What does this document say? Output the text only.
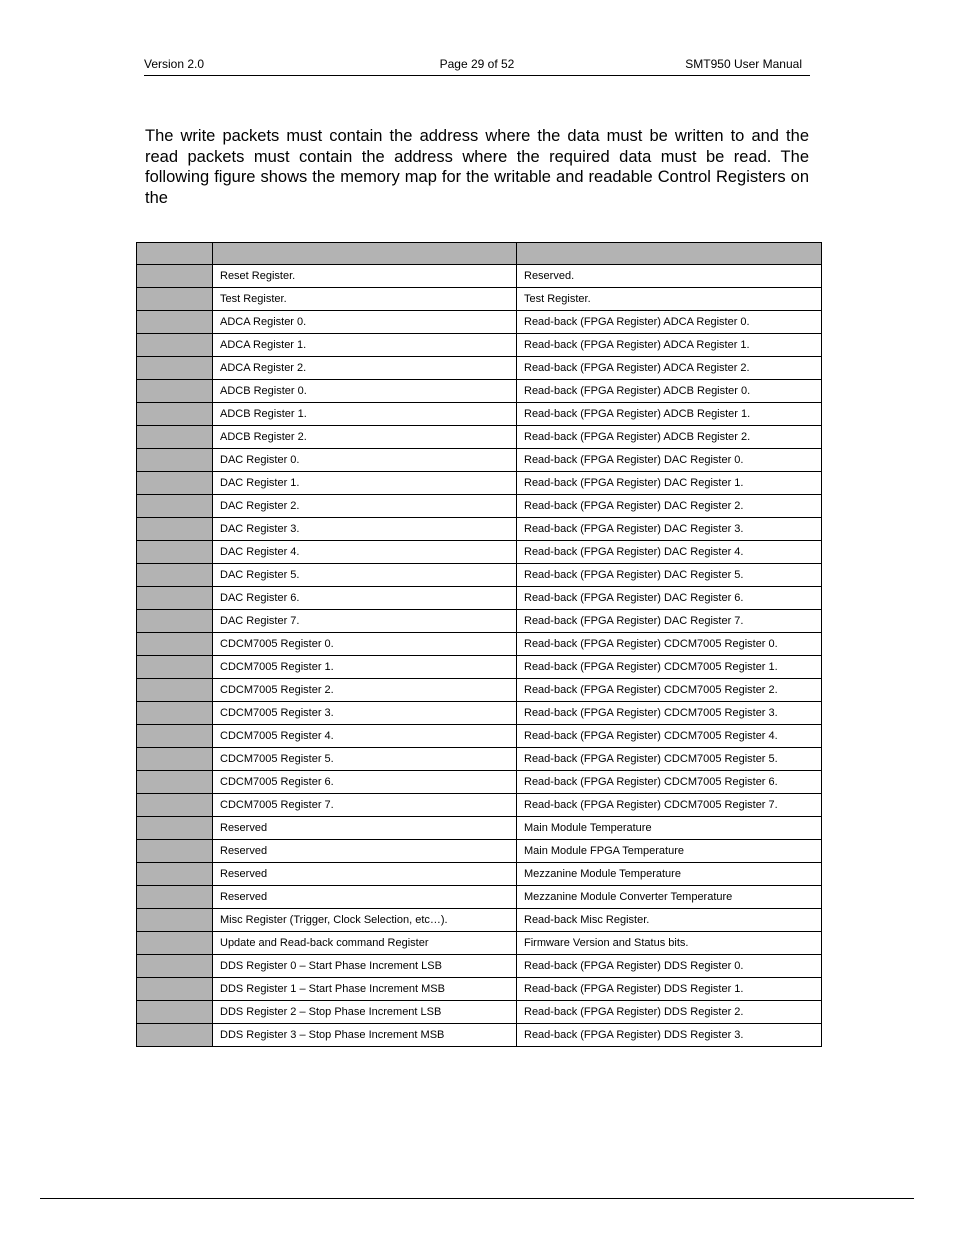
Version 2.0	Page 29 of 52	SMT950 User Manual

The write packets must contain the address where the data must be written to and the read packets must contain the address where the required data must be read. The following figure shows the memory map for the writable and readable Control Registers on the

	Reset Register.	Reserved.
	Test Register.	Test Register.
	ADCA Register 0.	Read-back (FPGA Register) ADCA Register 0.
	ADCA Register 1.	Read-back (FPGA Register) ADCA Register 1.
	ADCA Register 2.	Read-back (FPGA Register) ADCA Register 2.
	ADCB Register 0.	Read-back (FPGA Register) ADCB Register 0.
	ADCB Register 1.	Read-back (FPGA Register) ADCB Register 1.
	ADCB Register 2.	Read-back (FPGA Register) ADCB Register 2.
	DAC Register 0.	Read-back (FPGA Register) DAC Register 0.
	DAC Register 1.	Read-back (FPGA Register) DAC Register 1.
	DAC Register 2.	Read-back (FPGA Register) DAC Register 2.
	DAC Register 3.	Read-back (FPGA Register) DAC Register 3.
	DAC Register 4.	Read-back (FPGA Register) DAC Register 4.
	DAC Register 5.	Read-back (FPGA Register) DAC Register 5.
	DAC Register 6.	Read-back (FPGA Register) DAC Register 6.
	DAC Register 7.	Read-back (FPGA Register) DAC Register 7.
	CDCM7005 Register 0.	Read-back (FPGA Register) CDCM7005 Register 0.
	CDCM7005 Register 1.	Read-back (FPGA Register) CDCM7005 Register 1.
	CDCM7005 Register 2.	Read-back (FPGA Register) CDCM7005 Register 2.
	CDCM7005 Register 3.	Read-back (FPGA Register) CDCM7005 Register 3.
	CDCM7005 Register 4.	Read-back (FPGA Register) CDCM7005 Register 4.
	CDCM7005 Register 5.	Read-back (FPGA Register) CDCM7005 Register 5.
	CDCM7005 Register 6.	Read-back (FPGA Register) CDCM7005 Register 6.
	CDCM7005 Register 7.	Read-back (FPGA Register) CDCM7005 Register 7.
	Reserved	Main Module Temperature
	Reserved	Main Module FPGA Temperature
	Reserved	Mezzanine Module Temperature
	Reserved	Mezzanine Module Converter Temperature
	Misc Register (Trigger, Clock Selection, etc…).	Read-back Misc Register.
	Update and Read-back command Register	Firmware Version and Status bits.
	DDS Register 0 – Start Phase Increment LSB	Read-back (FPGA Register) DDS Register 0.
	DDS Register 1 – Start Phase Increment MSB	Read-back (FPGA Register) DDS Register 1.
	DDS Register 2 – Stop Phase Increment LSB	Read-back (FPGA Register) DDS Register 2.
	DDS Register 3 – Stop Phase Increment MSB	Read-back (FPGA Register) DDS Register 3.
